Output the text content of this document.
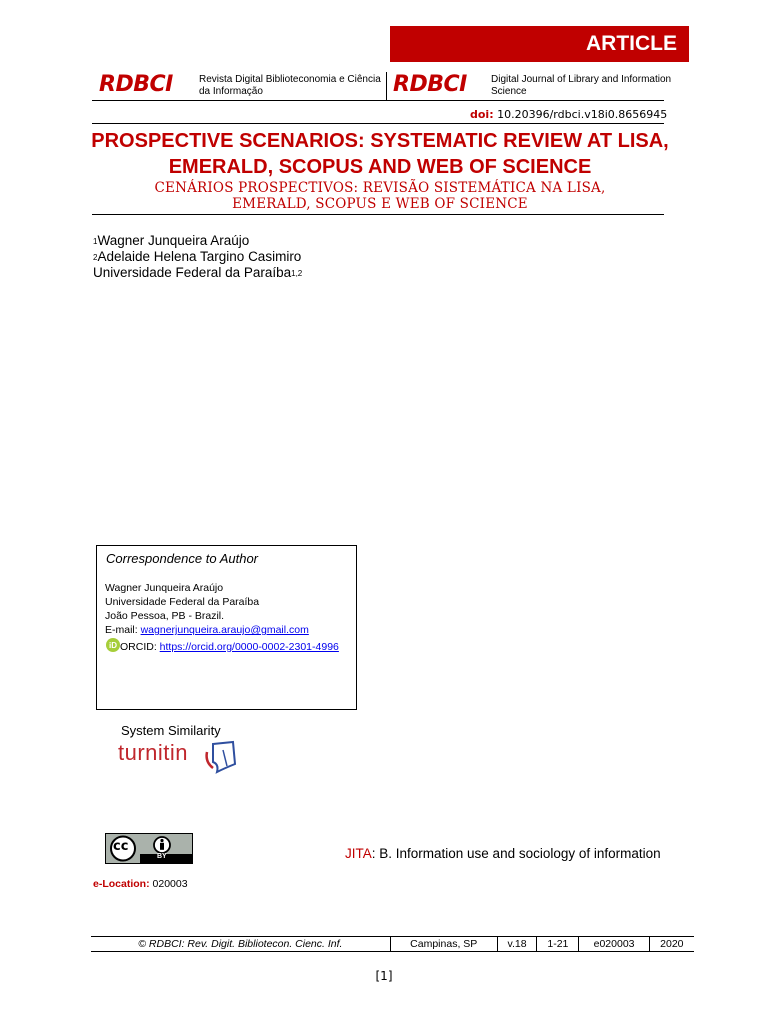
ARTICLE
RDBCI	Revista Digital Biblioteconomia e Ciência
da Informação	RDBCI Digital Journal of Library and Information
Science
doi: 10.20396/rdbci.v18i0.8656945
PROSPECTIVE SCENARIOS: SYSTEMATIC REVIEW AT LISA,
EMERALD, SCOPUS AND WEB OF SCIENCE
CENÁRIOS PROSPECTIVOS: REVISÃO SISTEMÁTICA NA LISA,
EMERALD, SCOPUS E WEB OF SCIENCE
$^1$Wagner Junqueira Araújo
$^2$Adelaide Helena Targino Casimiro
Universidade Federal da Paraíba$^{1,2}$
Correspondence to Author
Wagner Junqueira Araújo
Universidade Federal da Paraíba
João Pessoa, PB - Brazil.
E-mail: wagnerjunqueira.araujo@gmail.com
iD ORCID: https://orcid.org/0000-0002-2301-4996
System Similarity
turnitin
cc
BY	JITA: B. Information use and sociology of information
e-Location: 020003
© RDBCI: Rev. Digit. Bibliotecon. Cienc. Inf.	Campinas, SP	v.18	1-21	e020003	2020
[1]
